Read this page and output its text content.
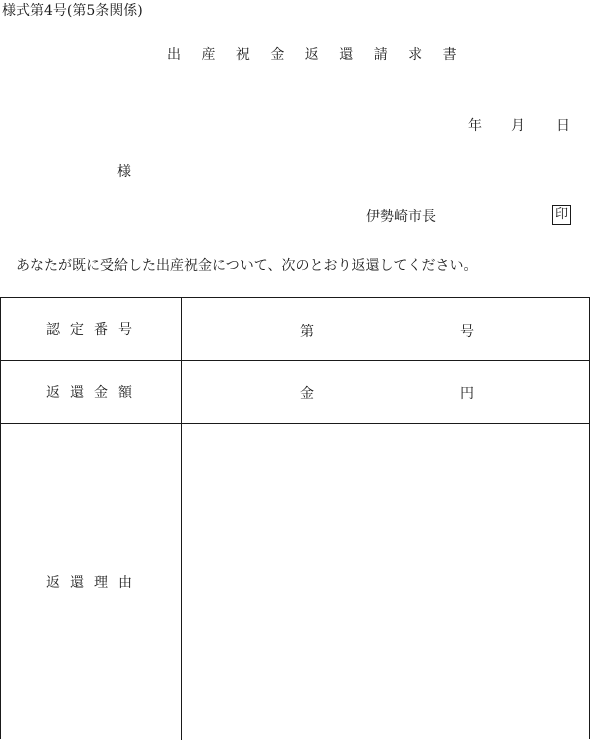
様式第4号(第5条関係)
出 産 祝 金 返 還 請 求 書
年 月 日
様
伊勢崎市長	印
あなたが既に受給した出産祝金について、次のとおり返還してください。
認定番号	第	号
返還金額	金	円
返還理由
